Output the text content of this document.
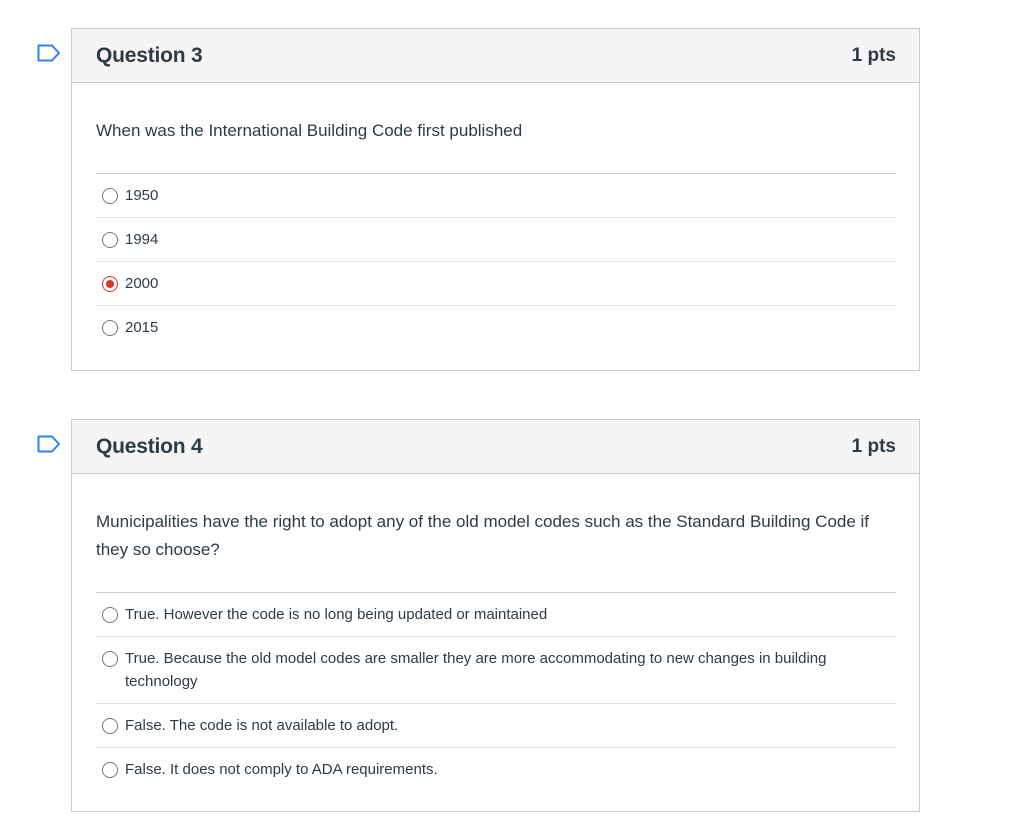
Question 3	1 pts

When was the International Building Code first published

1950
1994
2000
2015
Question 4	1 pts

Municipalities have the right to adopt any of the old model codes such as the Standard Building Code if they so choose?

True. However the code is no long being updated or maintained
True. Because the old model codes are smaller they are more accommodating to new changes in building technology
False. The code is not available to adopt.
False. It does not comply to ADA requirements.
